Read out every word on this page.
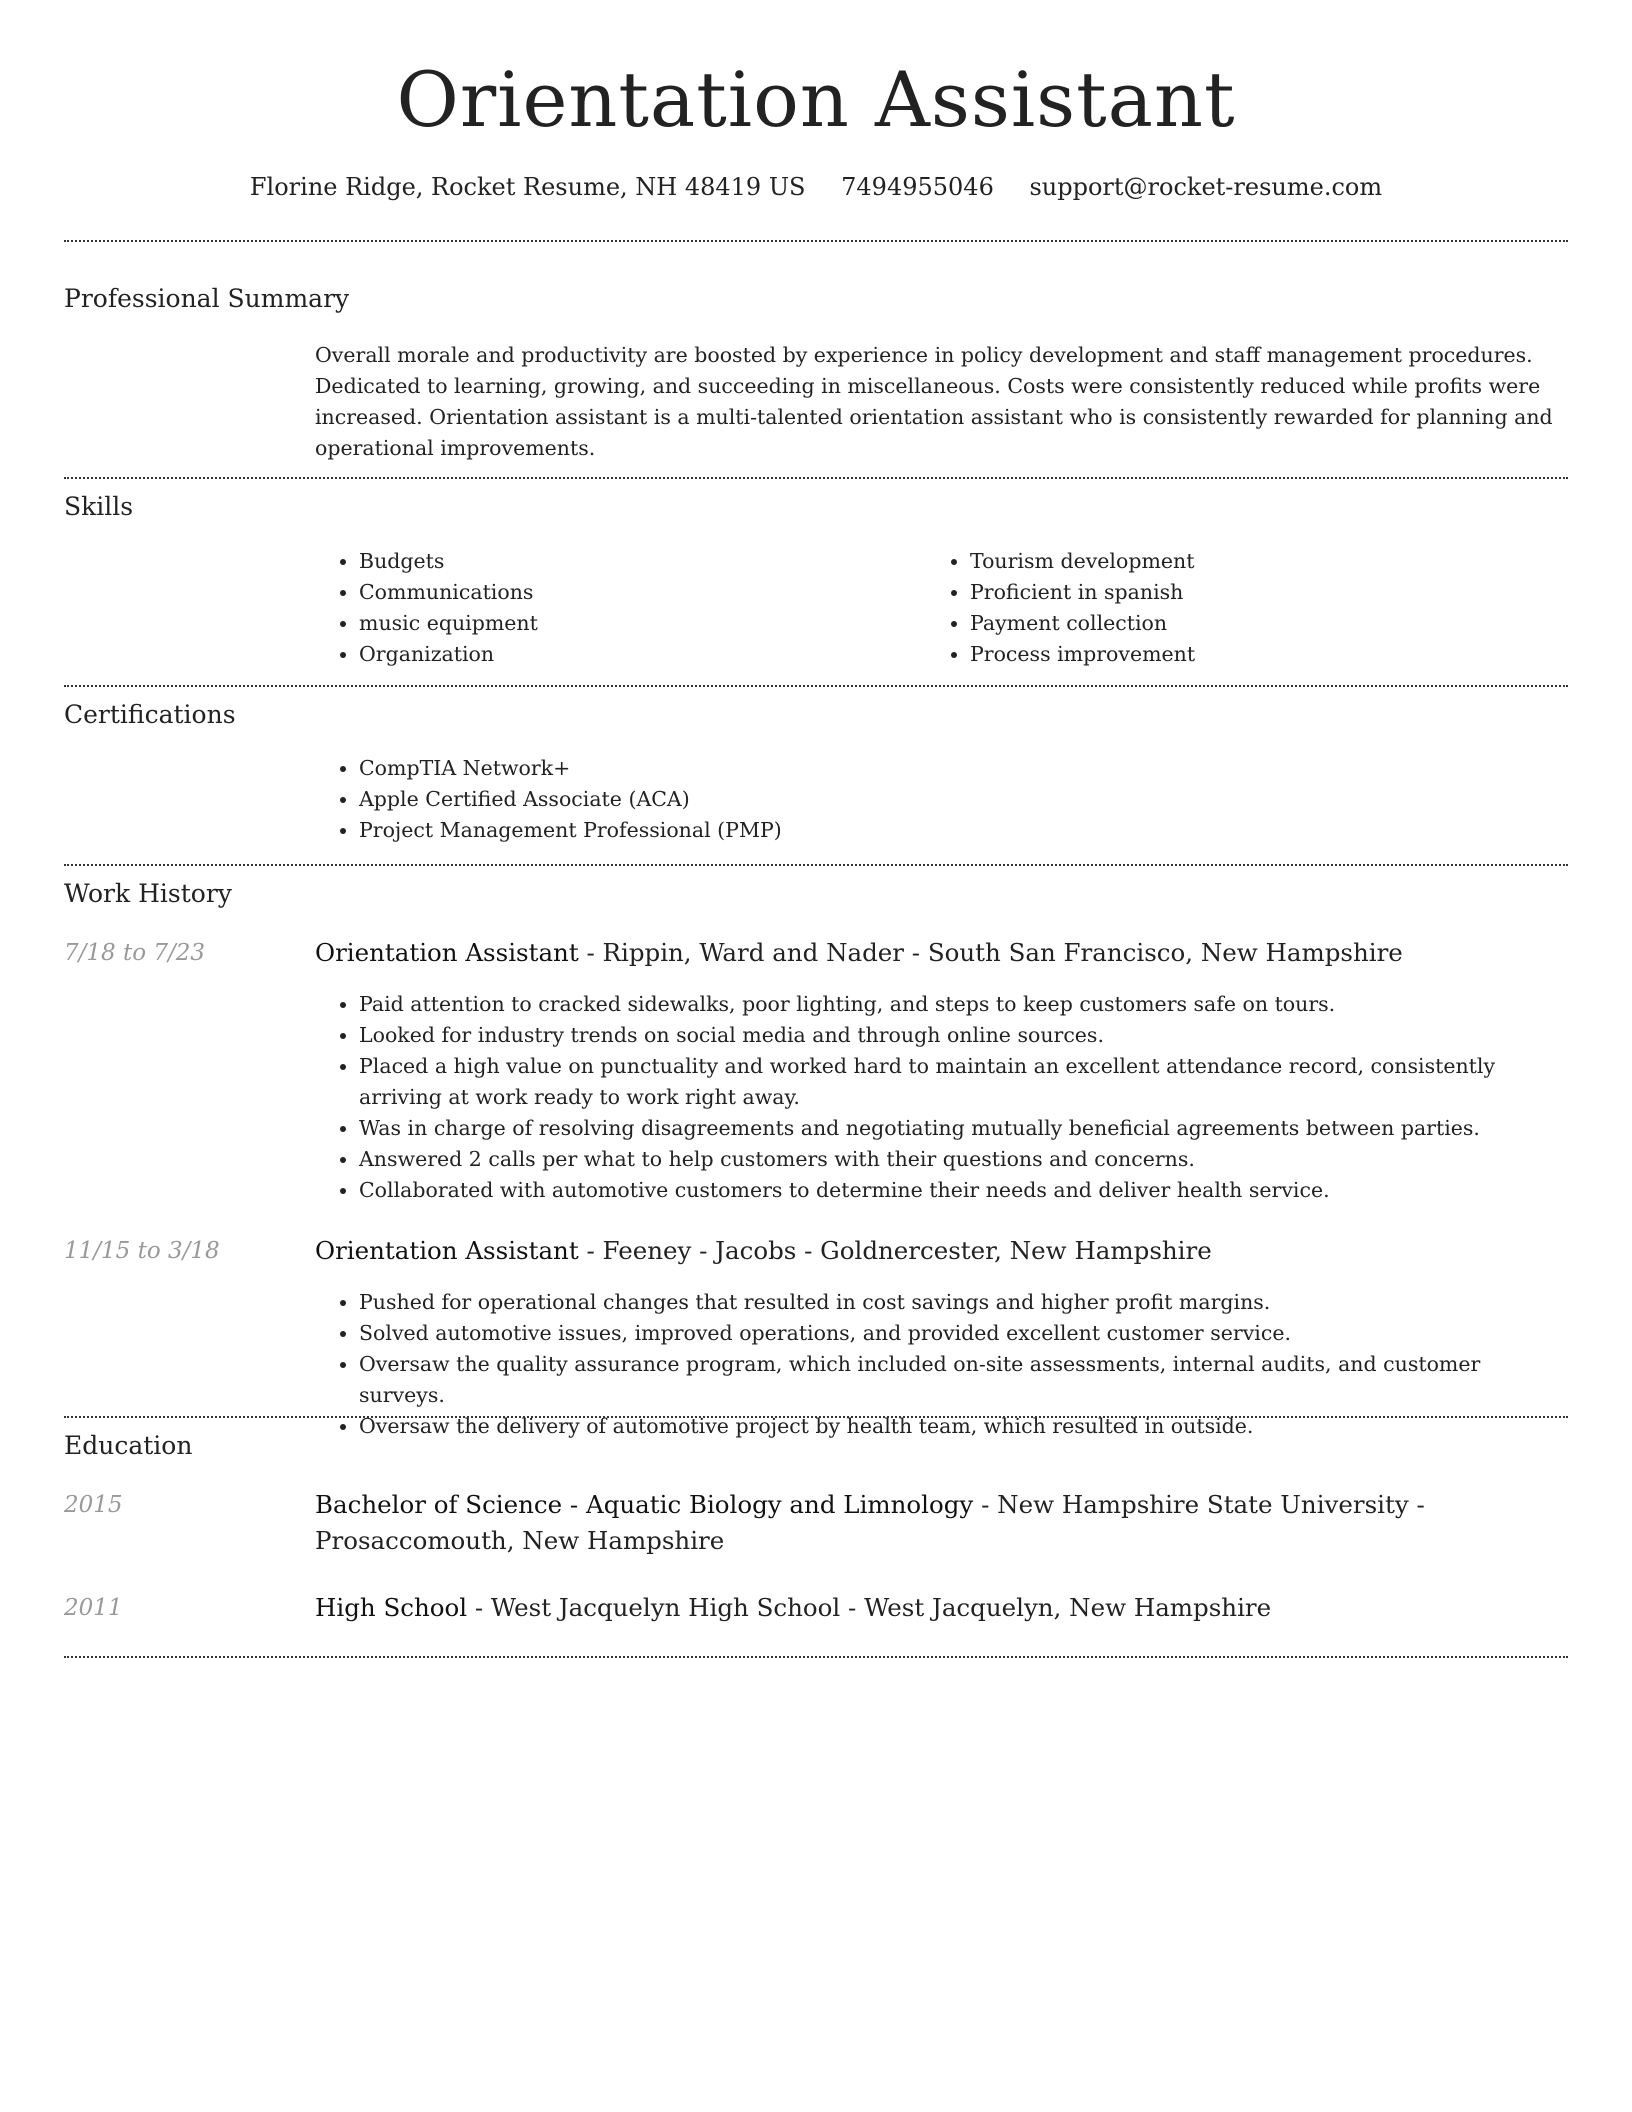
Orientation Assistant
Florine Ridge, Rocket Resume, NH 48419 US 7494955046 support@rocket-resume.com
Professional Summary
Overall morale and productivity are boosted by experience in policy development and staff management procedures. Dedicated to learning, growing, and succeeding in miscellaneous. Costs were consistently reduced while profits were increased. Orientation assistant is a multi-talented orientation assistant who is consistently rewarded for planning and operational improvements.
Skills
• Budgets
• Communications
• music equipment
• Organization
• Tourism development
• Proficient in spanish
• Payment collection
• Process improvement
Certifications
• CompTIA Network+
• Apple Certified Associate (ACA)
• Project Management Professional (PMP)
Work History
7/18 to 7/23	Orientation Assistant - Rippin, Ward and Nader - South San Francisco, New Hampshire
• Paid attention to cracked sidewalks, poor lighting, and steps to keep customers safe on tours.
• Looked for industry trends on social media and through online sources.
• Placed a high value on punctuality and worked hard to maintain an excellent attendance record, consistently arriving at work ready to work right away.
• Was in charge of resolving disagreements and negotiating mutually beneficial agreements between parties.
• Answered 2 calls per what to help customers with their questions and concerns.
• Collaborated with automotive customers to determine their needs and deliver health service.
11/15 to 3/18	Orientation Assistant - Feeney - Jacobs - Goldnercester, New Hampshire
• Pushed for operational changes that resulted in cost savings and higher profit margins.
• Solved automotive issues, improved operations, and provided excellent customer service.
• Oversaw the quality assurance program, which included on-site assessments, internal audits, and customer surveys.
• Oversaw the delivery of automotive project by health team, which resulted in outside.
Education
2015	Bachelor of Science - Aquatic Biology and Limnology - New Hampshire State University - Prosaccomouth, New Hampshire
2011	High School - West Jacquelyn High School - West Jacquelyn, New Hampshire
